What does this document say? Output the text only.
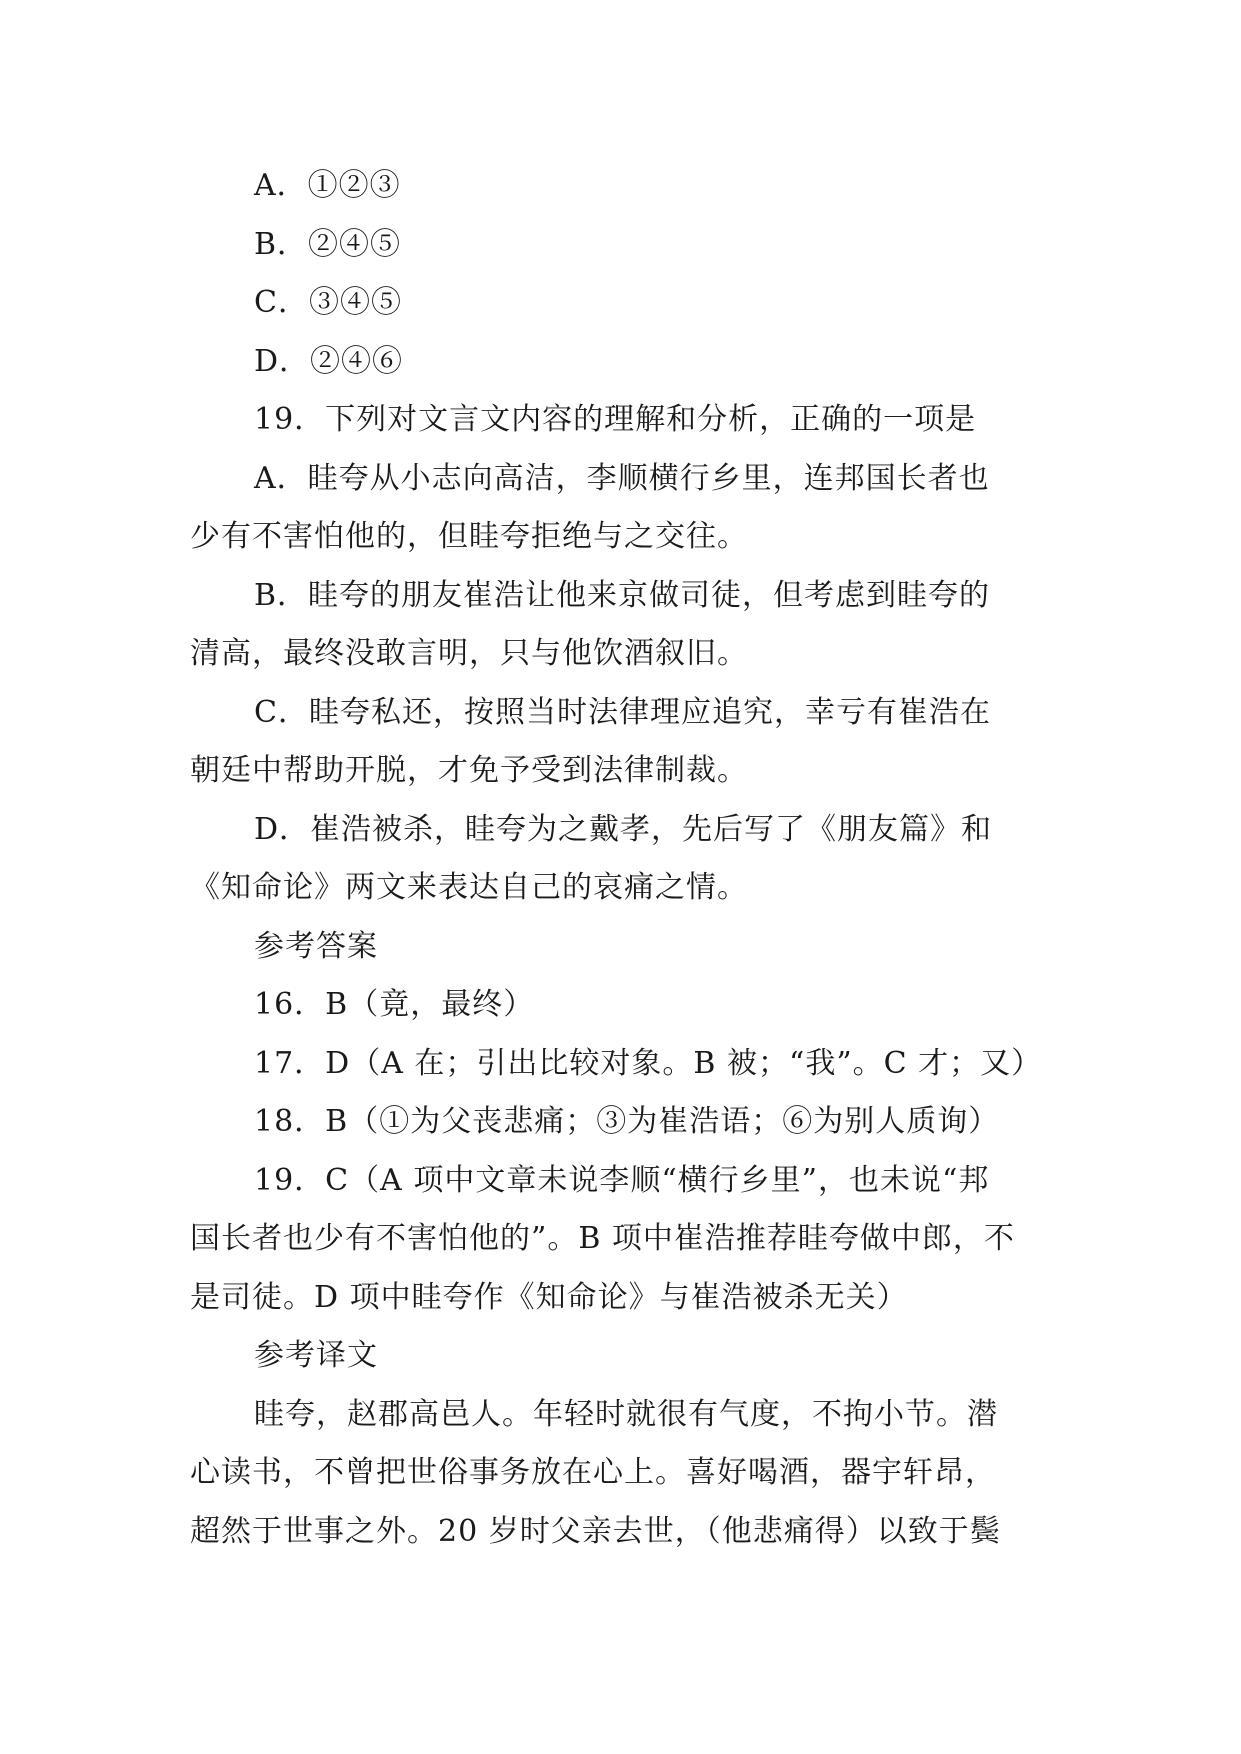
A．①②③
B．②④⑤
C．③④⑤
D．②④⑥
19．下列对文言文内容的理解和分析，正确的一项是
A．眭夸从小志向高洁，李顺横行乡里，连邦国长者也
少有不害怕他的，但眭夸拒绝与之交往。
B．眭夸的朋友崔浩让他来京做司徒，但考虑到眭夸的
清高，最终没敢言明，只与他饮酒叙旧。
C．眭夸私还，按照当时法律理应追究，幸亏有崔浩在
朝廷中帮助开脱，才免予受到法律制裁。
D．崔浩被杀，眭夸为之戴孝，先后写了《朋友篇》和
《知命论》两文来表达自己的哀痛之情。
参考答案
16．B（竟，最终）
17．D（A 在；引出比较对象。B 被；“我”。C 才；又）
18．B（①为父丧悲痛；③为崔浩语；⑥为别人质询）
19．C（A 项中文章未说李顺“横行乡里”，也未说“邦
国长者也少有不害怕他的”。B 项中崔浩推荐眭夸做中郎，不
是司徒。D 项中眭夸作《知命论》与崔浩被杀无关）
参考译文
眭夸，赵郡高邑人。年轻时就很有气度，不拘小节。潜
心读书，不曾把世俗事务放在心上。喜好喝酒，器宇轩昂，
超然于世事之外。20 岁时父亲去世，（他悲痛得）以致于鬓
